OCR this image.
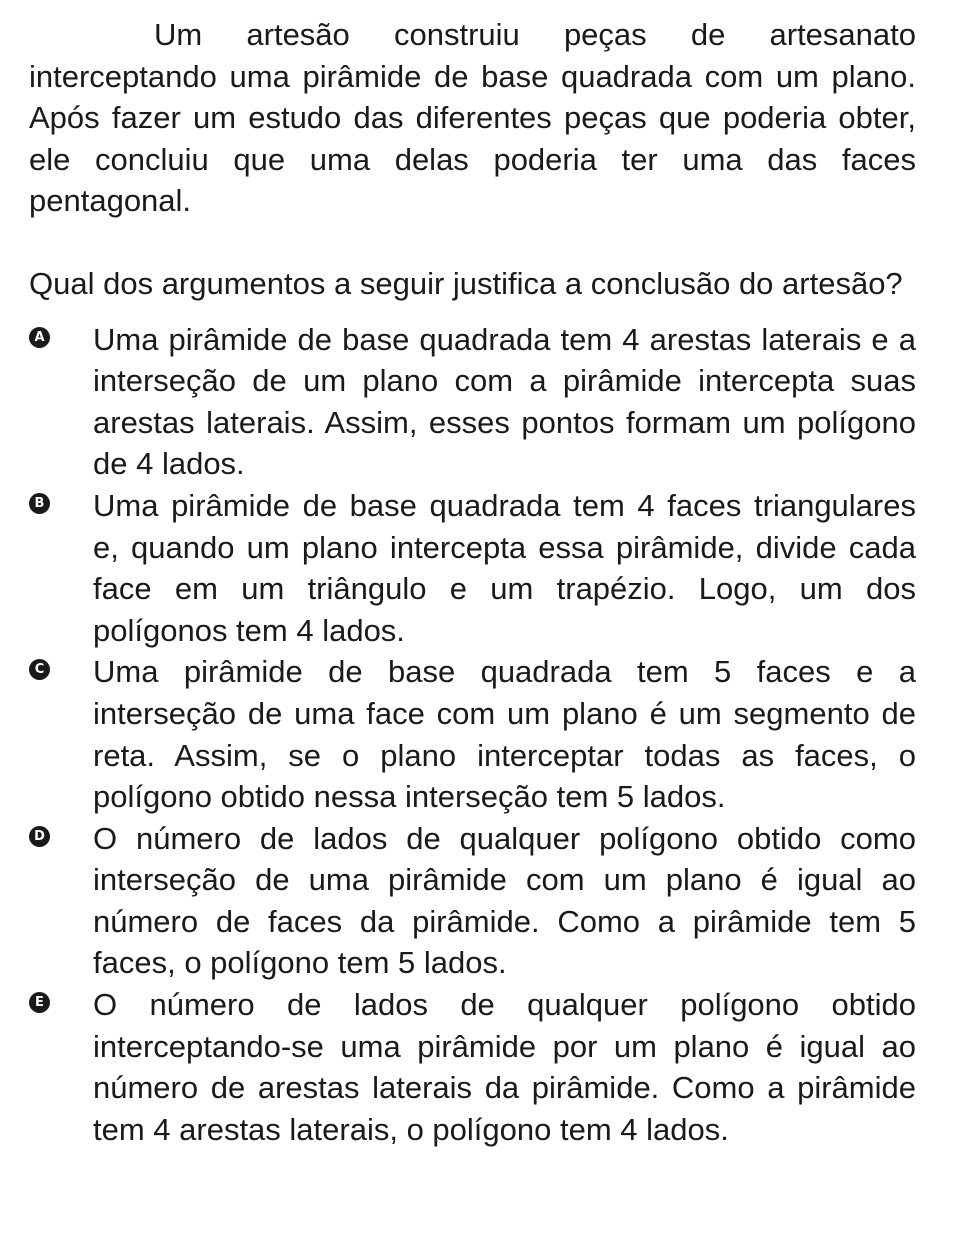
Um artesão construiu peças de artesanato interceptando uma pirâmide de base quadrada com um plano. Após fazer um estudo das diferentes peças que poderia obter, ele concluiu que uma delas poderia ter uma das faces pentagonal.

Qual dos argumentos a seguir justifica a conclusão do artesão?

A Uma pirâmide de base quadrada tem 4 arestas laterais e a interseção de um plano com a pirâmide intercepta suas arestas laterais. Assim, esses pontos formam um polígono de 4 lados.
B Uma pirâmide de base quadrada tem 4 faces triangulares e, quando um plano intercepta essa pirâmide, divide cada face em um triângulo e um trapézio. Logo, um dos polígonos tem 4 lados.
C Uma pirâmide de base quadrada tem 5 faces e a interseção de uma face com um plano é um segmento de reta. Assim, se o plano interceptar todas as faces, o polígono obtido nessa interseção tem 5 lados.
D O número de lados de qualquer polígono obtido como interseção de uma pirâmide com um plano é igual ao número de faces da pirâmide. Como a pirâmide tem 5 faces, o polígono tem 5 lados.
E O número de lados de qualquer polígono obtido interceptando-se uma pirâmide por um plano é igual ao número de arestas laterais da pirâmide. Como a pirâmide tem 4 arestas laterais, o polígono tem 4 lados.
